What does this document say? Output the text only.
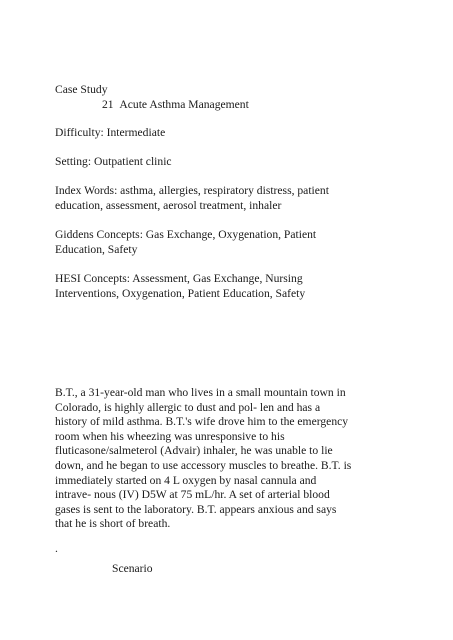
Case Study
21 Acute Asthma Management
Difficulty: Intermediate
Setting: Outpatient clinic
Index Words: asthma, allergies, respiratory distress, patient
education, assessment, aerosol treatment, inhaler
Giddens Concepts: Gas Exchange, Oxygenation, Patient
Education, Safety
HESI Concepts: Assessment, Gas Exchange, Nursing
Interventions, Oxygenation, Patient Education, Safety
B.T., a 31-year-old man who lives in a small mountain town in
Colorado, is highly allergic to dust and pol- len and has a
history of mild asthma. B.T.'s wife drove him to the emergency
room when his wheezing was unresponsive to his
fluticasone/salmeterol (Advair) inhaler, he was unable to lie
down, and he began to use accessory muscles to breathe. B.T. is
immediately started on 4 L oxygen by nasal cannula and
intrave- nous (IV) D5W at 75 mL/hr. A set of arterial blood
gases is sent to the laboratory. B.T. appears anxious and says
that he is short of breath.
.
Scenario
